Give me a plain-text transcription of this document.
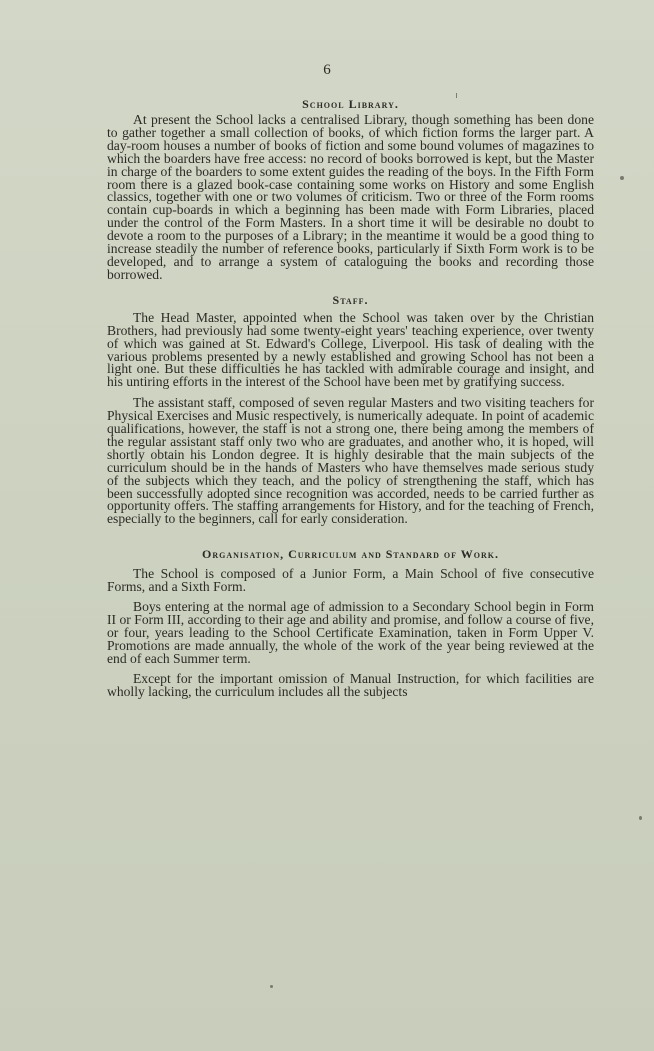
6
School Library.

At present the School lacks a centralised Library, though something has been done to gather together a small collection of books, of which fiction forms the larger part. A day-room houses a number of books of fiction and some bound volumes of magazines to which the boarders have free access: no record of books borrowed is kept, but the Master in charge of the boarders to some extent guides the reading of the boys. In the Fifth Form room there is a glazed book-case containing some works on History and some English classics, together with one or two volumes of criticism. Two or three of the Form rooms contain cup-boards in which a beginning has been made with Form Libraries, placed under the control of the Form Masters. In a short time it will be desirable no doubt to devote a room to the purposes of a Library; in the meantime it would be a good thing to increase steadily the number of reference books, particularly if Sixth Form work is to be developed, and to arrange a system of cataloguing the books and recording those borrowed.

Staff.

The Head Master, appointed when the School was taken over by the Christian Brothers, had previously had some twenty-eight years' teaching experience, over twenty of which was gained at St. Edward's College, Liverpool. His task of dealing with the various problems presented by a newly established and growing School has not been a light one. But these difficulties he has tackled with admirable courage and insight, and his untiring efforts in the interest of the School have been met by gratifying success.

The assistant staff, composed of seven regular Masters and two visiting teachers for Physical Exercises and Music respectively, is numerically adequate. In point of academic qualifications, however, the staff is not a strong one, there being among the members of the regular assistant staff only two who are graduates, and another who, it is hoped, will shortly obtain his London degree. It is highly desirable that the main subjects of the curriculum should be in the hands of Masters who have themselves made serious study of the subjects which they teach, and the policy of strengthening the staff, which has been successfully adopted since recognition was accorded, needs to be carried further as opportunity offers. The staffing arrangements for History, and for the teaching of French, especially to the beginners, call for early consideration.

Organisation, Curriculum and Standard of Work.

The School is composed of a Junior Form, a Main School of five consecutive Forms, and a Sixth Form.

Boys entering at the normal age of admission to a Secondary School begin in Form II or Form III, according to their age and ability and promise, and follow a course of five, or four, years leading to the School Certificate Examination, taken in Form Upper V. Promotions are made annually, the whole of the work of the year being reviewed at the end of each Summer term.

Except for the important omission of Manual Instruction, for which facilities are wholly lacking, the curriculum includes all the subjects
